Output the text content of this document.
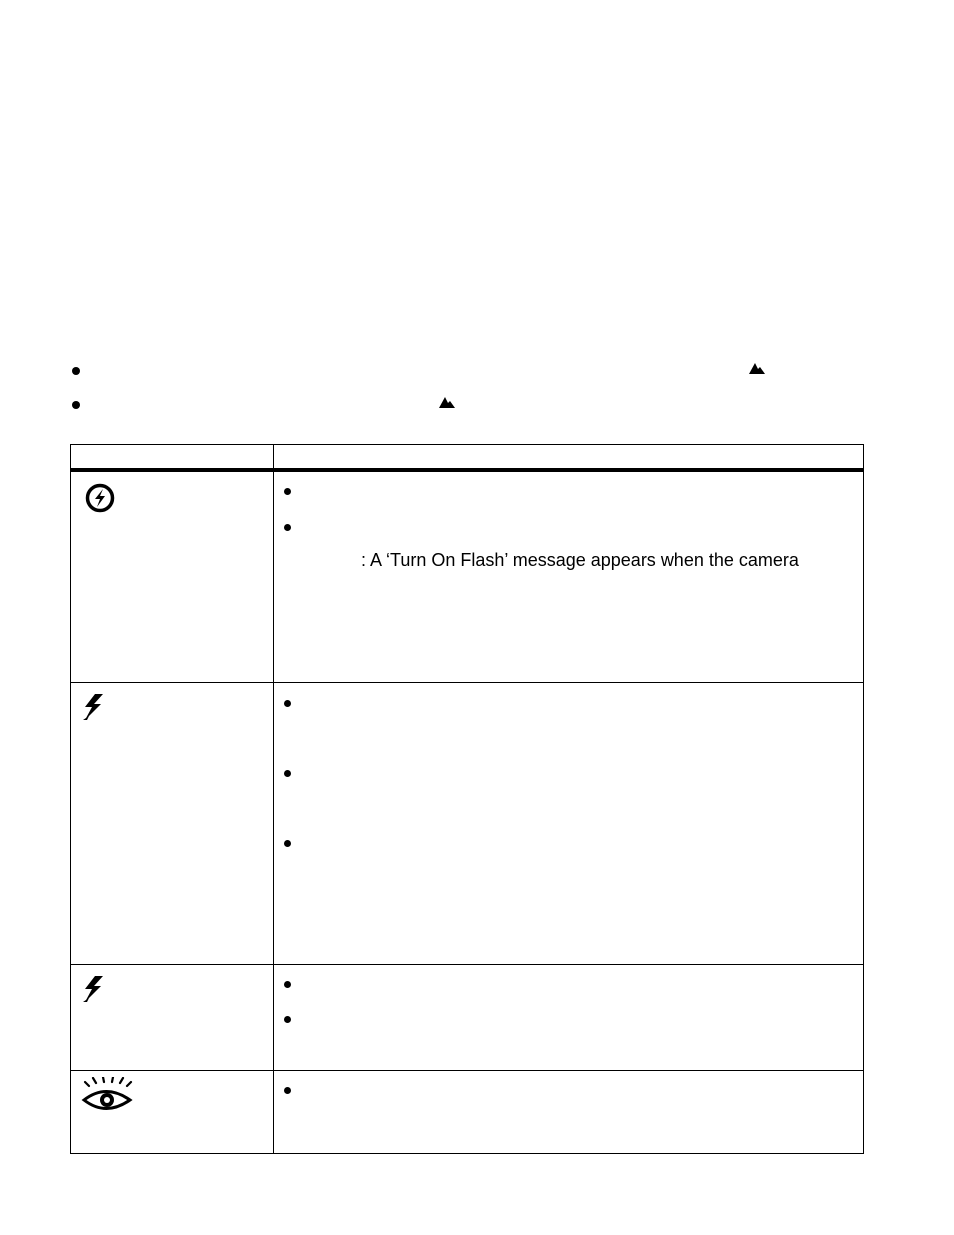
: A ‘Turn On Flash’ message appears when the camera
